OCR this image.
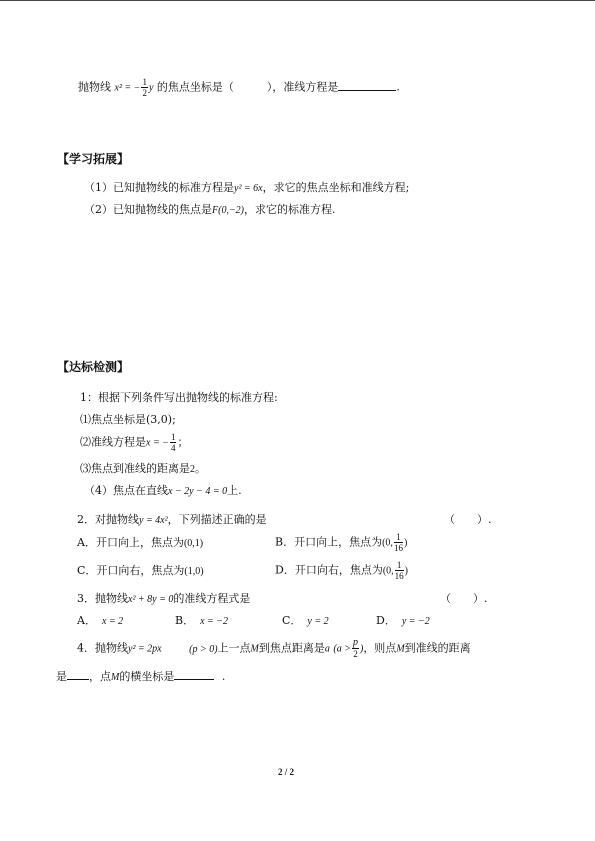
抛物线 x² = − $\frac{1}{2}$ y 的焦点坐标是（　　　），准线方程是	.
【学习拓展】
（1）已知抛物线的标准方程是y² = 6x，求它的焦点坐标和准线方程;
（2）已知抛物线的焦点是F(0,−2)，求它的标准方程.
【达标检测】
1：根据下列条件写出抛物线的标准方程:
⑴焦点坐标是(3,0);
⑵准线方程是x = − $\frac{1}{4}$ ；
⑶焦点到准线的距离是2。
（4）焦点在直线x − 2y − 4 = 0上.
2．对抛物线y = 4x²，下列描述正确的是	（　　）.
A．开口向上，焦点为(0,1)	B．开口向上，焦点为(0, $\frac{1}{16}$ )
C．开口向右，焦点为(1,0)	D．开口向右，焦点为(0, $\frac{1}{16}$ )
3．抛物线x² + 8y = 0的准线方程式是	（　　）.
A． x = 2	B． x = −2	C． y = 2	D． y = −2
4．抛物线y² = 2px	(p > 0)上一点M到焦点距离是a ($a > \frac{p}{2}$ )，则点M到准线的距离
是 ，点M的横坐标是	.
2 / 2
